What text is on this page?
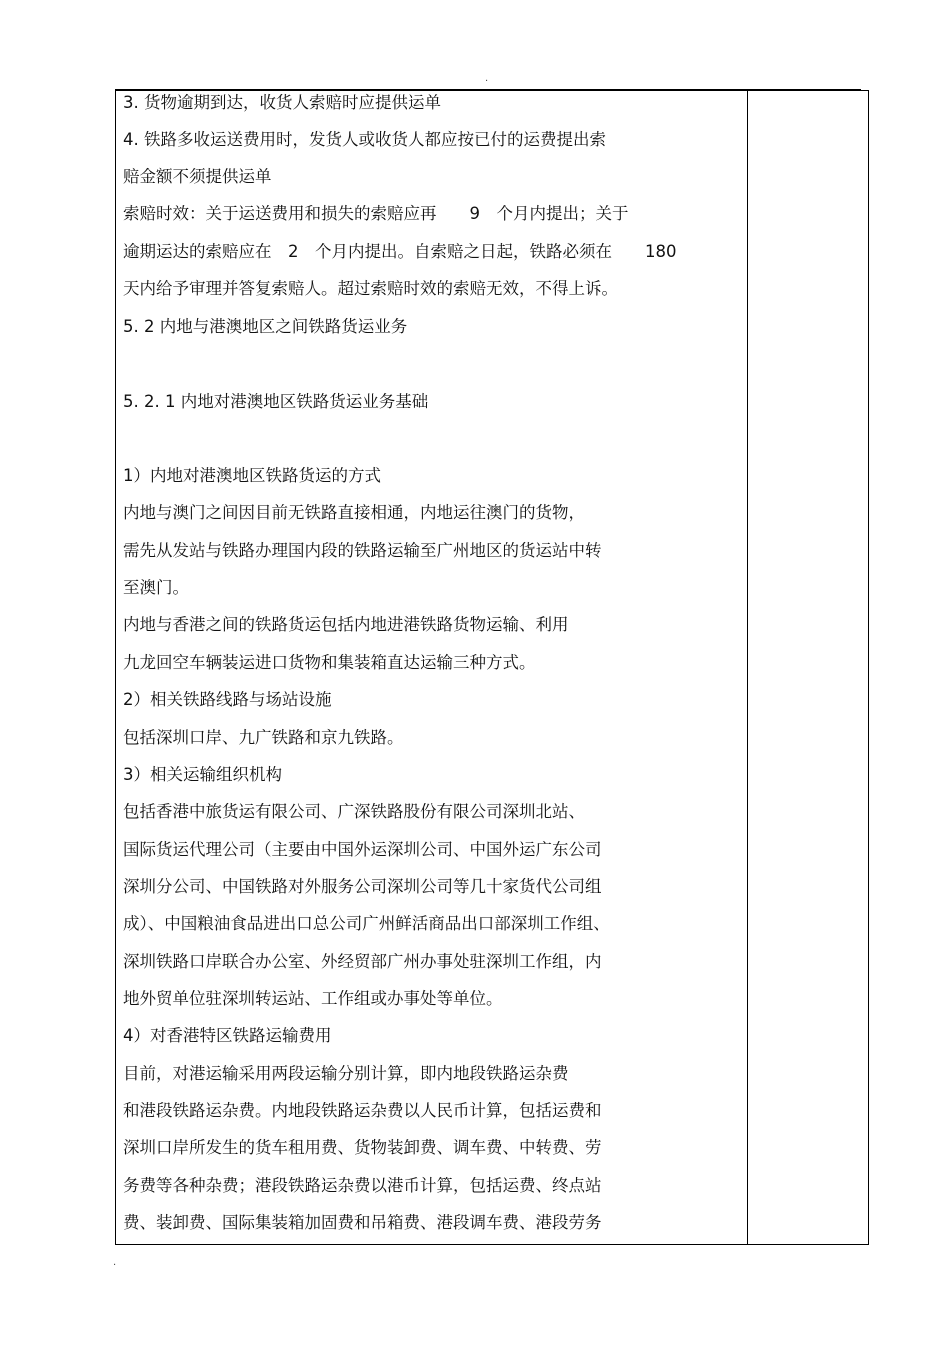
.
3. 货物逾期到达，收货人索赔时应提供运单
4. 铁路多收运送费用时，发货人或收货人都应按已付的运费提出索
赔金额不须提供运单
索赔时效：关于运送费用和损失的索赔应再　　9　个月内提出；关于
逾期运达的索赔应在　2　个月内提出。自索赔之日起，铁路必须在　　180
天内给予审理并答复索赔人。超过索赔时效的索赔无效，不得上诉。
5. 2 内地与港澳地区之间铁路货运业务
5. 2. 1 内地对港澳地区铁路货运业务基础
1）内地对港澳地区铁路货运的方式
内地与澳门之间因目前无铁路直接相通，内地运往澳门的货物，
需先从发站与铁路办理国内段的铁路运输至广州地区的货运站中转
至澳门。
内地与香港之间的铁路货运包括内地进港铁路货物运输、利用
九龙回空车辆装运进口货物和集装箱直达运输三种方式。
2）相关铁路线路与场站设施
包括深圳口岸、九广铁路和京九铁路。
3）相关运输组织机构
包括香港中旅货运有限公司、广深铁路股份有限公司深圳北站、
国际货运代理公司（主要由中国外运深圳公司、中国外运广东公司
深圳分公司、中国铁路对外服务公司深圳公司等几十家货代公司组
成）、中国粮油食品进出口总公司广州鲜活商品出口部深圳工作组、
深圳铁路口岸联合办公室、外经贸部广州办事处驻深圳工作组，内
地外贸单位驻深圳转运站、工作组或办事处等单位。
4）对香港特区铁路运输费用
目前，对港运输采用两段运输分别计算，即内地段铁路运杂费
和港段铁路运杂费。内地段铁路运杂费以人民币计算，包括运费和
深圳口岸所发生的货车租用费、货物装卸费、调车费、中转费、劳
务费等各种杂费；港段铁路运杂费以港币计算，包括运费、终点站
费、装卸费、国际集装箱加固费和吊箱费、港段调车费、港段劳务

.
